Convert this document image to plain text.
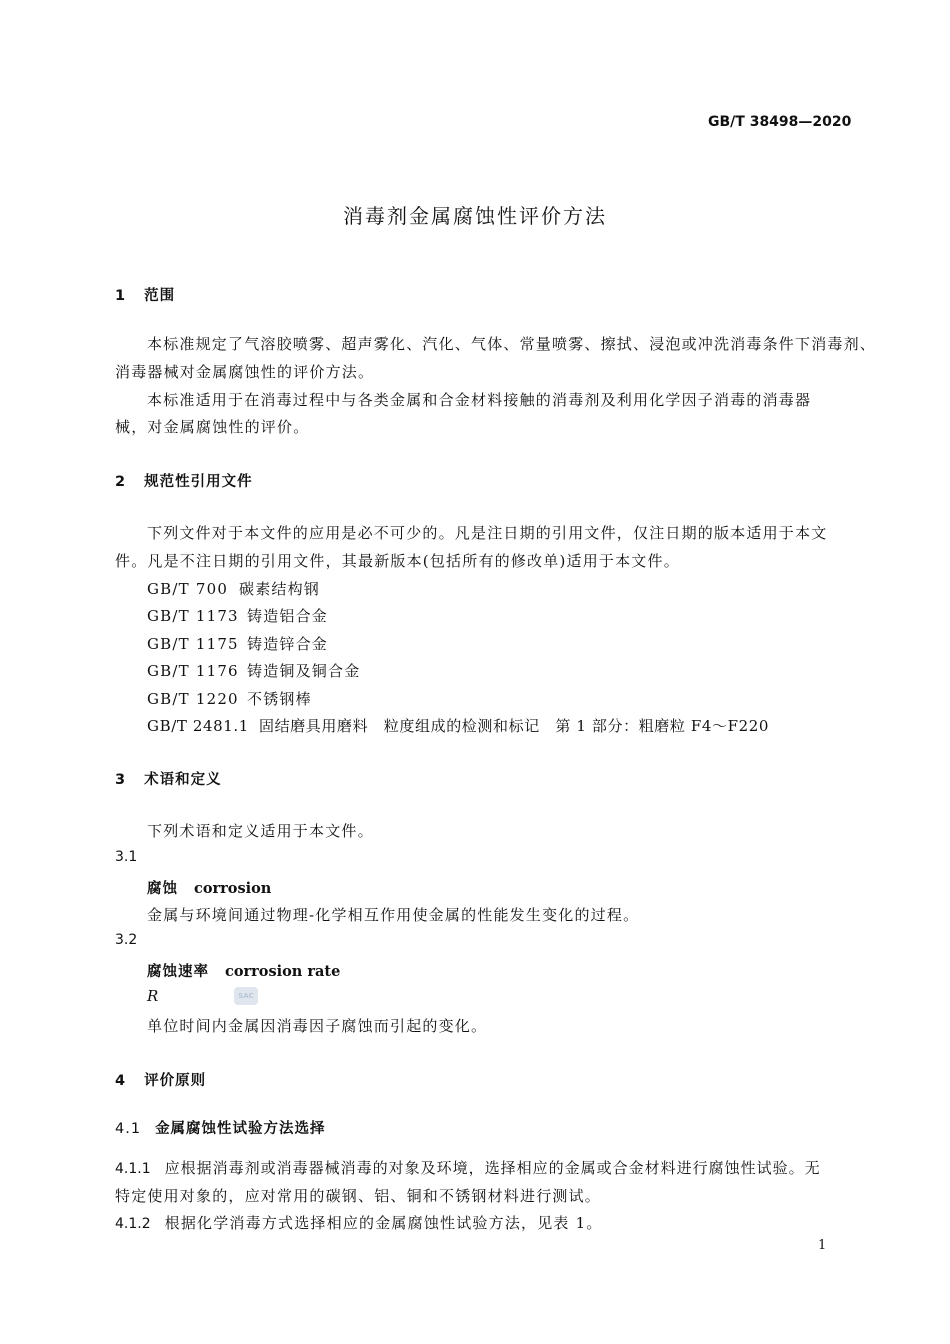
GB/T 38498—2020
消毒剂金属腐蚀性评价方法
1 范围
本标准规定了气溶胶喷雾、超声雾化、汽化、气体、常量喷雾、擦拭、浸泡或冲洗消毒条件下消毒剂、
消毒器械对金属腐蚀性的评价方法。
本标准适用于在消毒过程中与各类金属和合金材料接触的消毒剂及利用化学因子消毒的消毒器
械，对金属腐蚀性的评价。
2 规范性引用文件
下列文件对于本文件的应用是必不可少的。凡是注日期的引用文件，仅注日期的版本适用于本文
件。凡是不注日期的引用文件，其最新版本(包括所有的修改单)适用于本文件。
GB/T 700 碳素结构钢
GB/T 1173 铸造铝合金
GB/T 1175 铸造锌合金
GB/T 1176 铸造铜及铜合金
GB/T 1220 不锈钢棒
GB/T 2481.1 固结磨具用磨料　粒度组成的检测和标记　第 1 部分：粗磨粒 F4～F220
3 术语和定义
下列术语和定义适用于本文件。
3.1
腐蚀 corrosion
金属与环境间通过物理-化学相互作用使金属的性能发生变化的过程。
3.2
腐蚀速率 corrosion rate
R	SAC
单位时间内金属因消毒因子腐蚀而引起的变化。
4 评价原则
4.1 金属腐蚀性试验方法选择
4.1.1 应根据消毒剂或消毒器械消毒的对象及环境，选择相应的金属或合金材料进行腐蚀性试验。无
特定使用对象的，应对常用的碳钢、铝、铜和不锈钢材料进行测试。
4.1.2 根据化学消毒方式选择相应的金属腐蚀性试验方法，见表 1。
1
